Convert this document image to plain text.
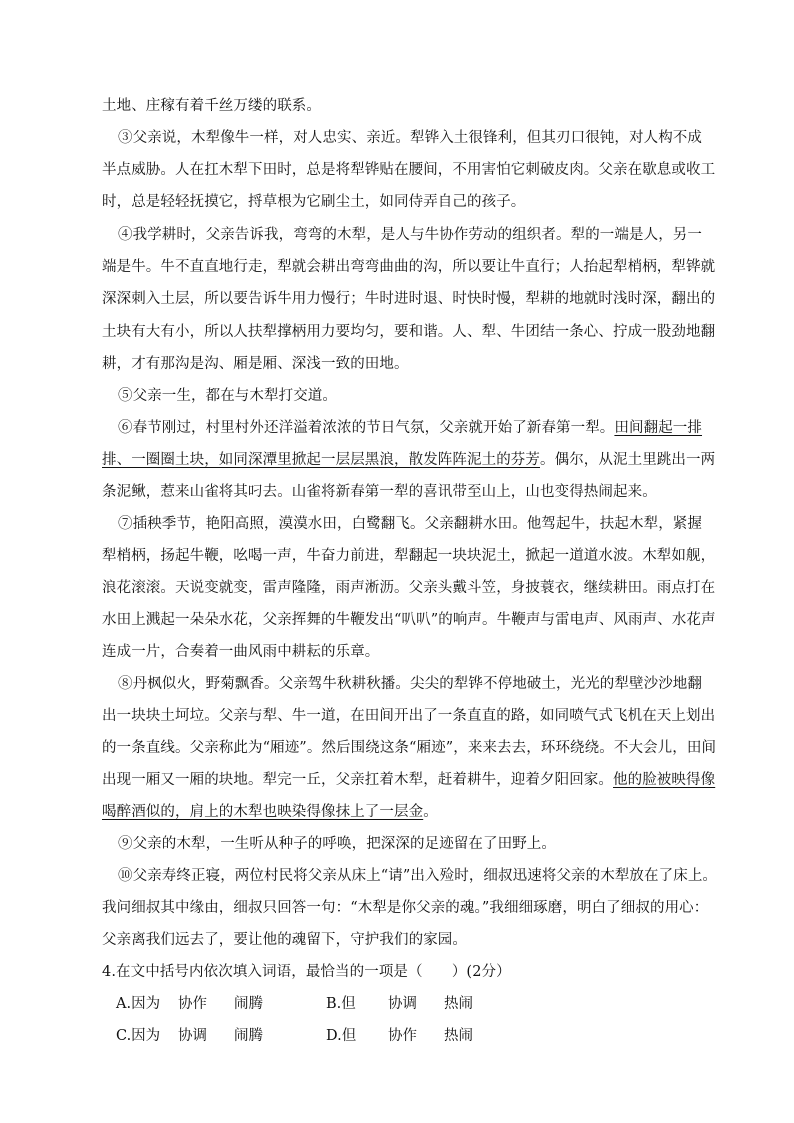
土地、庄稼有着千丝万缕的联系。
③父亲说，木犁像牛一样，对人忠实、亲近。犁铧入土很锋利，但其刃口很钝，对人构不成
半点威胁。人在扛木犁下田时，总是将犁铧贴在腰间，不用害怕它刺破皮肉。父亲在歇息或收工
时，总是轻轻抚摸它，捋草根为它刷尘土，如同侍弄自己的孩子。
④我学耕时，父亲告诉我，弯弯的木犁，是人与牛协作劳动的组织者。犁的一端是人，另一
端是牛。牛不直直地行走，犁就会耕出弯弯曲曲的沟，所以要让牛直行；人抬起犁梢柄，犁铧就
深深刺入土层，所以要告诉牛用力慢行；牛时进时退、时快时慢，犁耕的地就时浅时深，翻出的
土块有大有小，所以人扶犁撑柄用力要均匀，要和谐。人、犁、牛团结一条心、拧成一股劲地翻
耕，才有那沟是沟、厢是厢、深浅一致的田地。
⑤父亲一生，都在与木犁打交道。
⑥春节刚过，村里村外还洋溢着浓浓的节日气氛，父亲就开始了新春第一犁。田间翻起一排
排、一圈圈土块，如同深潭里掀起一层层黑浪，散发阵阵泥土的芬芳。偶尔，从泥土里跳出一两
条泥鳅，惹来山雀将其叼去。山雀将新春第一犁的喜讯带至山上，山也变得热闹起来。
⑦插秧季节，艳阳高照，漠漠水田，白鹭翻飞。父亲翻耕水田。他驾起牛，扶起木犁，紧握
犁梢柄，扬起牛鞭，吆喝一声，牛奋力前进，犁翻起一块块泥土，掀起一道道水波。木犁如舰，
浪花滚滚。天说变就变，雷声隆隆，雨声淅沥。父亲头戴斗笠，身披蓑衣，继续耕田。雨点打在
水田上溅起一朵朵水花，父亲挥舞的牛鞭发出“叭叭”的响声。牛鞭声与雷电声、风雨声、水花声
连成一片，合奏着一曲风雨中耕耘的乐章。
⑧丹枫似火，野菊飘香。父亲驾牛秋耕秋播。尖尖的犁铧不停地破土，光光的犁壁沙沙地翻
出一块块土坷垃。父亲与犁、牛一道，在田间开出了一条直直的路，如同喷气式飞机在天上划出
的一条直线。父亲称此为“厢迹”。然后围绕这条“厢迹”，来来去去，环环绕绕。不大会儿，田间
出现一厢又一厢的块地。犁完一丘，父亲扛着木犁，赶着耕牛，迎着夕阳回家。他的脸被映得像
喝醉酒似的，肩上的木犁也映染得像抹上了一层金。
⑨父亲的木犁，一生听从种子的呼唤，把深深的足迹留在了田野上。
⑩父亲寿终正寝，两位村民将父亲从床上“请”出入殓时，细叔迅速将父亲的木犁放在了床上。
我问细叔其中缘由，细叔只回答一句：“木犁是你父亲的魂。”我细细琢磨，明白了细叔的用心：
父亲离我们远去了，要让他的魂留下，守护我们的家园。
4.在文中括号内依次填入词语，最恰当的一项是（　　）(2分）
A.因为 协作 闹腾	B.但 协调 热闹
C.因为 协调 闹腾	D.但 协作 热闹
